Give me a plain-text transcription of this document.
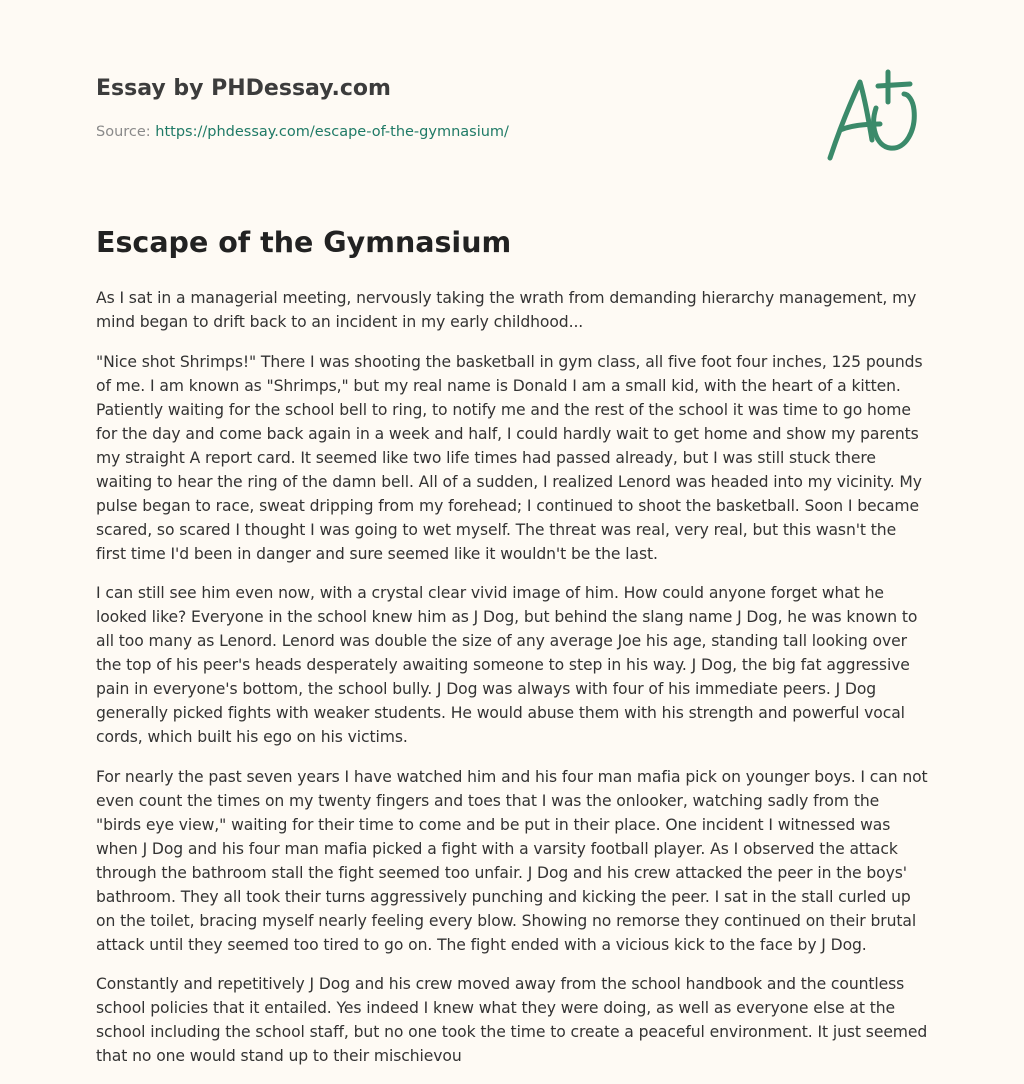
Essay by PHDessay.com
Source: https://phdessay.com/escape-of-the-gymnasium/
Escape of the Gymnasium

As I sat in a managerial meeting, nervously taking the wrath from demanding hierarchy management, my mind began to drift back to an incident in my early childhood...

"Nice shot Shrimps!" There I was shooting the basketball in gym class, all five foot four inches, 125 pounds of me. I am known as "Shrimps," but my real name is Donald I am a small kid, with the heart of a kitten. Patiently waiting for the school bell to ring, to notify me and the rest of the school it was time to go home for the day and come back again in a week and half, I could hardly wait to get home and show my parents my straight A report card. It seemed like two life times had passed already, but I was still stuck there waiting to hear the ring of the damn bell. All of a sudden, I realized Lenord was headed into my vicinity. My pulse began to race, sweat dripping from my forehead; I continued to shoot the basketball. Soon I became scared, so scared I thought I was going to wet myself. The threat was real, very real, but this wasn't the first time I'd been in danger and sure seemed like it wouldn't be the last.

I can still see him even now, with a crystal clear vivid image of him. How could anyone forget what he looked like? Everyone in the school knew him as J Dog, but behind the slang name J Dog, he was known to all too many as Lenord. Lenord was double the size of any average Joe his age, standing tall looking over the top of his peer's heads desperately awaiting someone to step in his way. J Dog, the big fat aggressive pain in everyone's bottom, the school bully. J Dog was always with four of his immediate peers. J Dog generally picked fights with weaker students. He would abuse them with his strength and powerful vocal cords, which built his ego on his victims.

For nearly the past seven years I have watched him and his four man mafia pick on younger boys. I can not even count the times on my twenty fingers and toes that I was the onlooker, watching sadly from the "birds eye view," waiting for their time to come and be put in their place. One incident I witnessed was when J Dog and his four man mafia picked a fight with a varsity football player. As I observed the attack through the bathroom stall the fight seemed too unfair. J Dog and his crew attacked the peer in the boys' bathroom. They all took their turns aggressively punching and kicking the peer. I sat in the stall curled up on the toilet, bracing myself nearly feeling every blow. Showing no remorse they continued on their brutal attack until they seemed too tired to go on. The fight ended with a vicious kick to the face by J Dog.

Constantly and repetitively J Dog and his crew moved away from the school handbook and the countless school policies that it entailed. Yes indeed I knew what they were doing, as well as everyone else at the school including the school staff, but no one took the time to create a peaceful environment. It just seemed that no one would stand up to their mischievou
